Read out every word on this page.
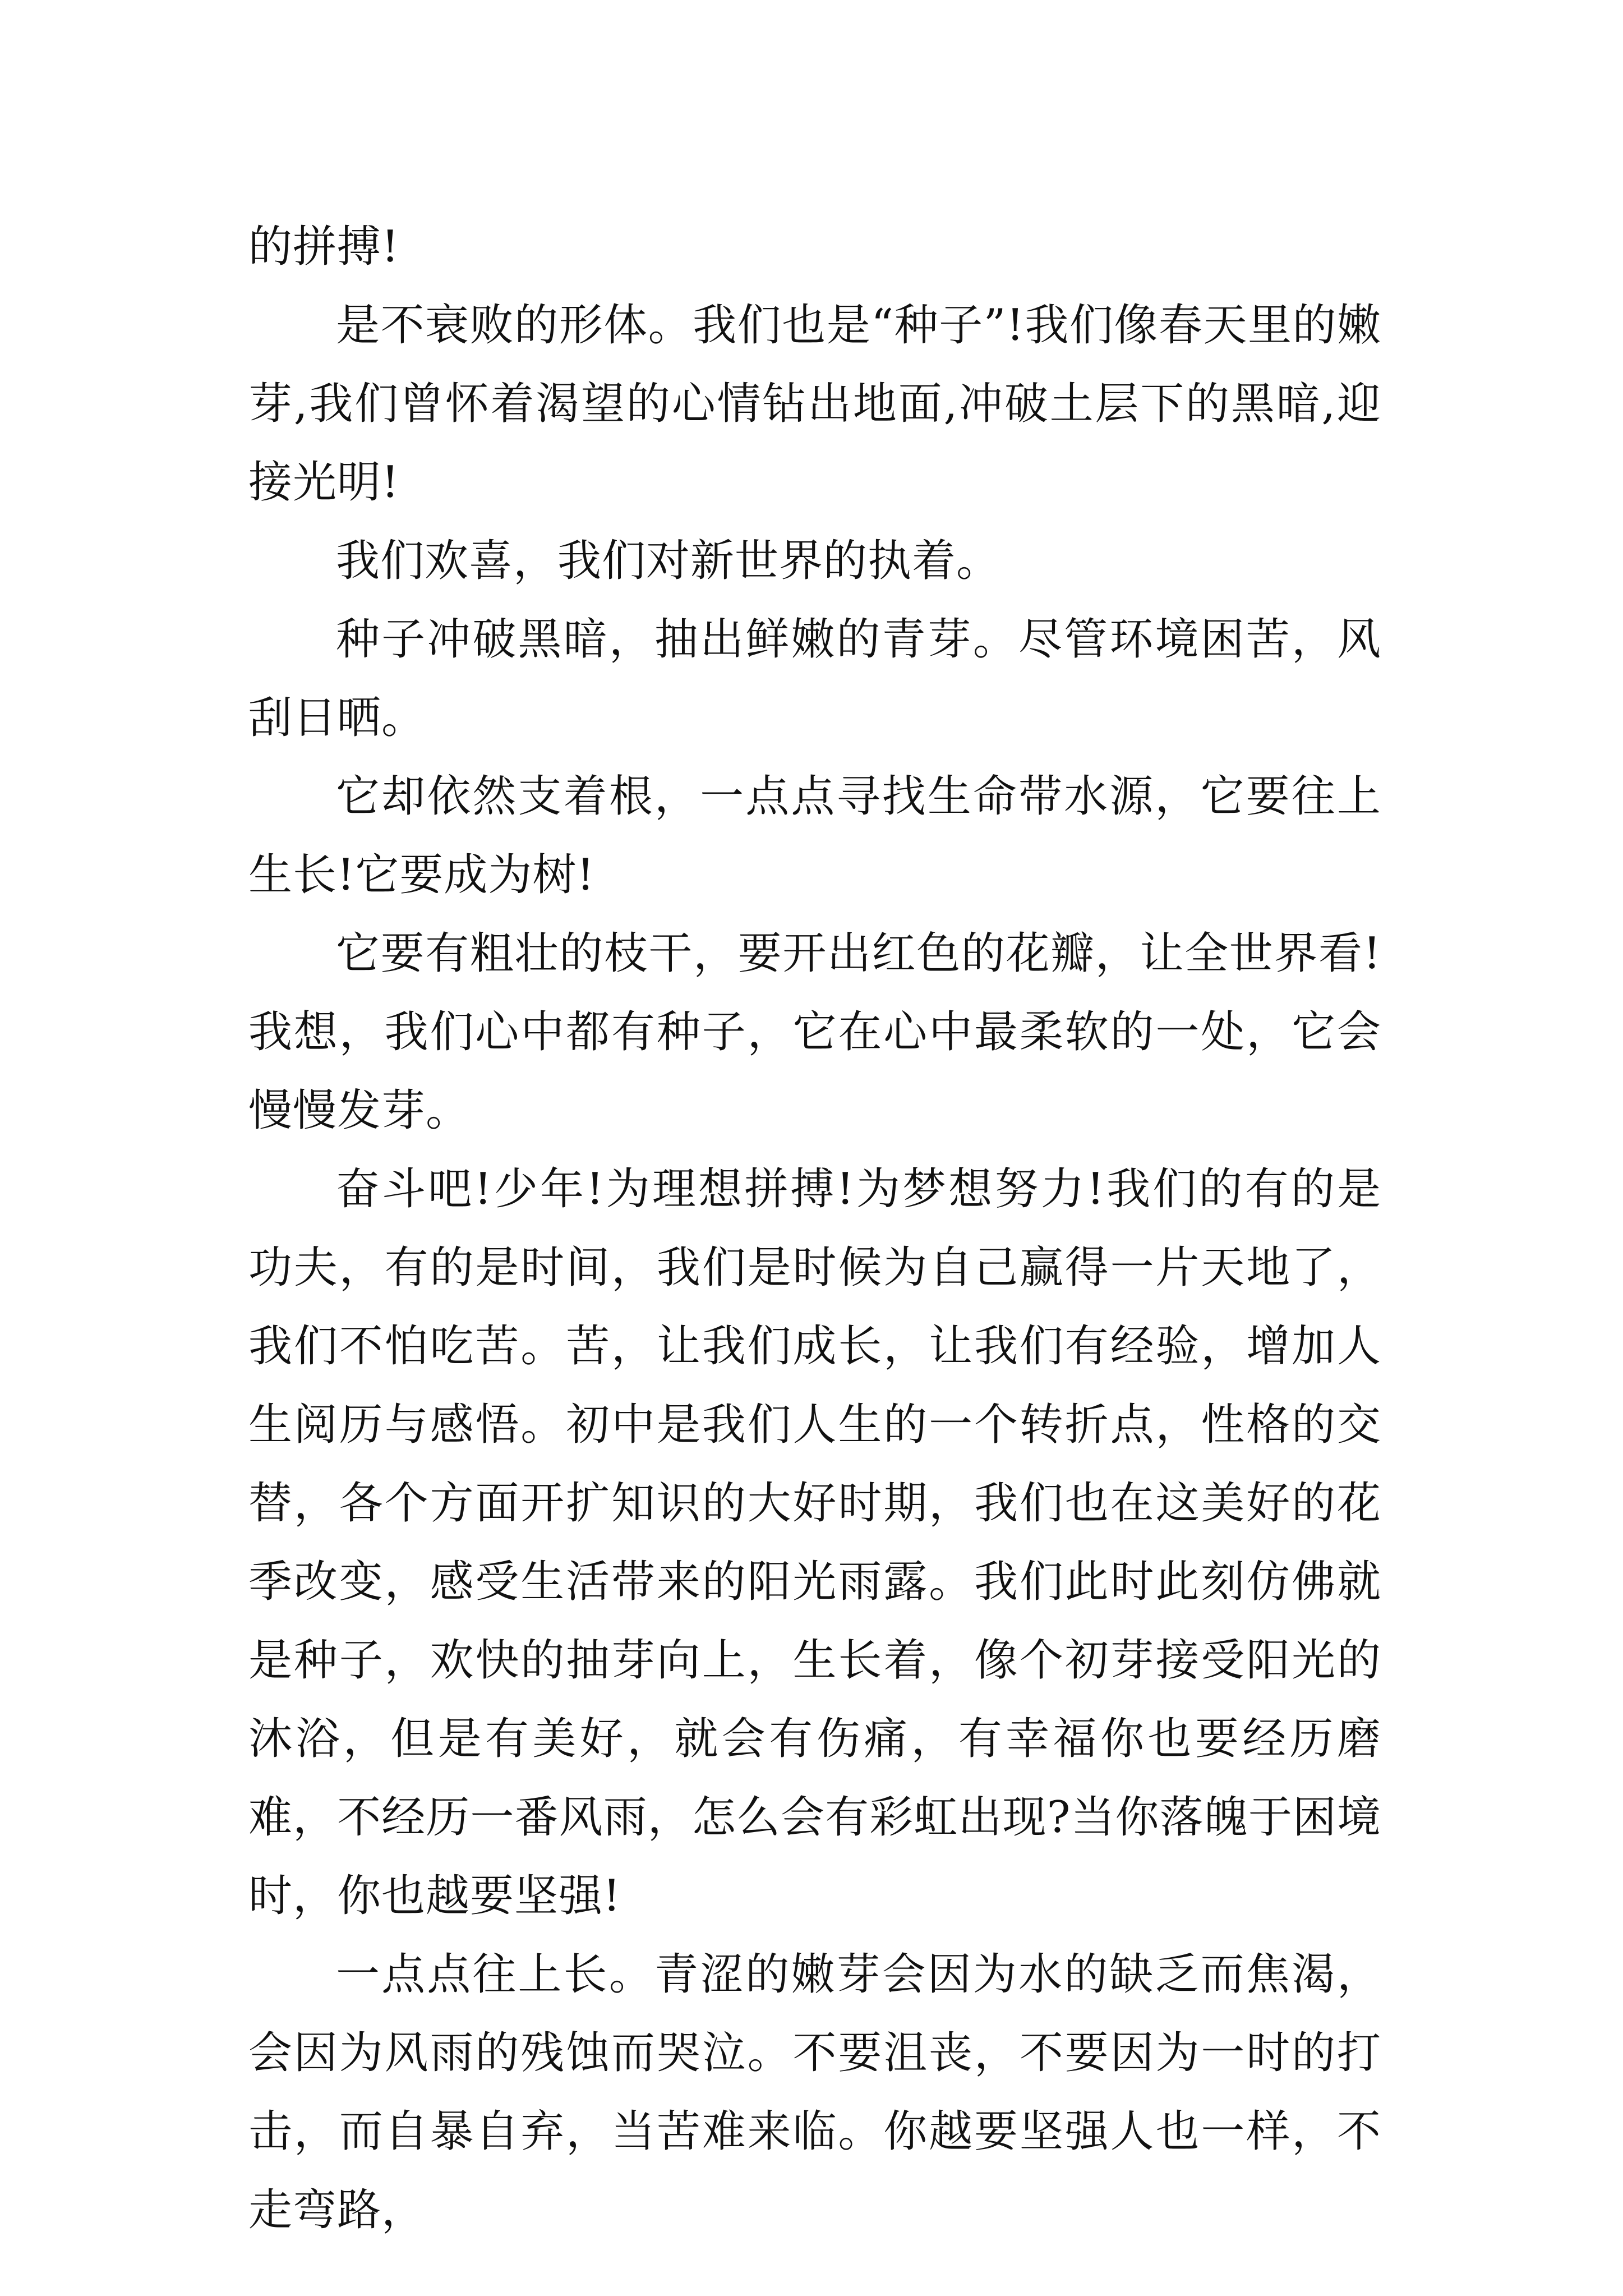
的拼搏!

是不衰败的形体。我们也是“种子”!我们像春天里的嫩芽,我们曾怀着渴望的心情钻出地面,冲破土层下的黑暗,迎接光明!

我们欢喜，我们对新世界的执着。

种子冲破黑暗，抽出鲜嫩的青芽。尽管环境困苦，风刮日晒。

它却依然支着根，一点点寻找生命带水源，它要往上生长!它要成为树!

它要有粗壮的枝干，要开出红色的花瓣，让全世界看!我想，我们心中都有种子，它在心中最柔软的一处，它会慢慢发芽。

奋斗吧!少年!为理想拼搏!为梦想努力!我们的有的是功夫，有的是时间，我们是时候为自己赢得一片天地了，我们不怕吃苦。苦，让我们成长，让我们有经验，增加人生阅历与感悟。初中是我们人生的一个转折点，性格的交替，各个方面开扩知识的大好时期，我们也在这美好的花季改变，感受生活带来的阳光雨露。我们此时此刻仿佛就是种子，欢快的抽芽向上，生长着，像个初芽接受阳光的沐浴，但是有美好，就会有伤痛，有幸福你也要经历磨难，不经历一番风雨，怎么会有彩虹出现?当你落魄于困境时，你也越要坚强!

一点点往上长。青涩的嫩芽会因为水的缺乏而焦渴，会因为风雨的残蚀而哭泣。不要沮丧，不要因为一时的打击，而自暴自弃，当苦难来临。你越要坚强人也一样，不走弯路，
